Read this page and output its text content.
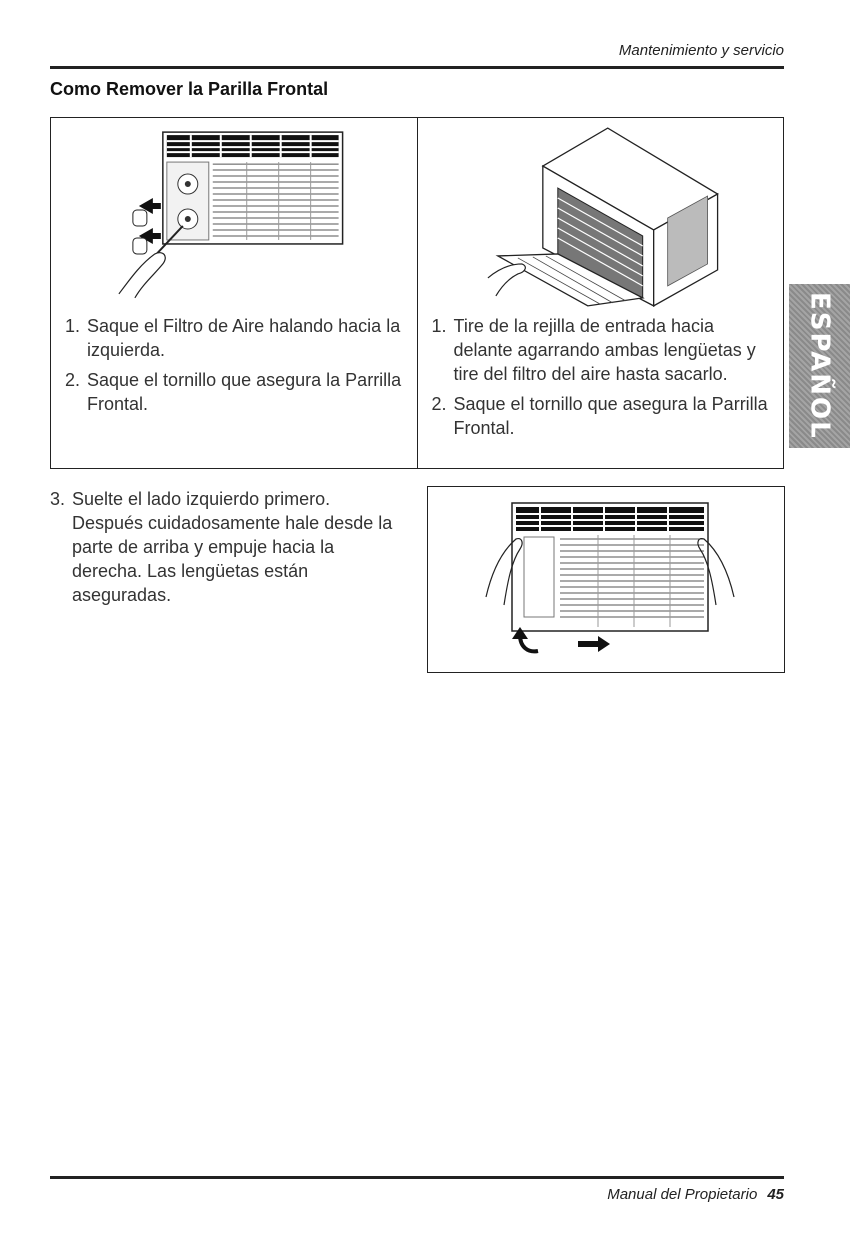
Mantenimiento y servicio
Como Remover la Parilla Frontal
1. Saque el Filtro de Aire halando hacia la izquierda.
2. Saque el tornillo que asegura la Parrilla Frontal.
1. Tire de la rejilla de entrada hacia delante agarrando ambas lengüetas y tire del filtro del aire hasta sacarlo.
2. Saque el tornillo que asegura la Parrilla Frontal.
3. Suelte el lado izquierdo primero. Después cuidadosamente hale desde la parte de arriba y empuje hacia la derecha. Las lengüetas están aseguradas.
ESPAÑOL
Manual del Propietario 45
